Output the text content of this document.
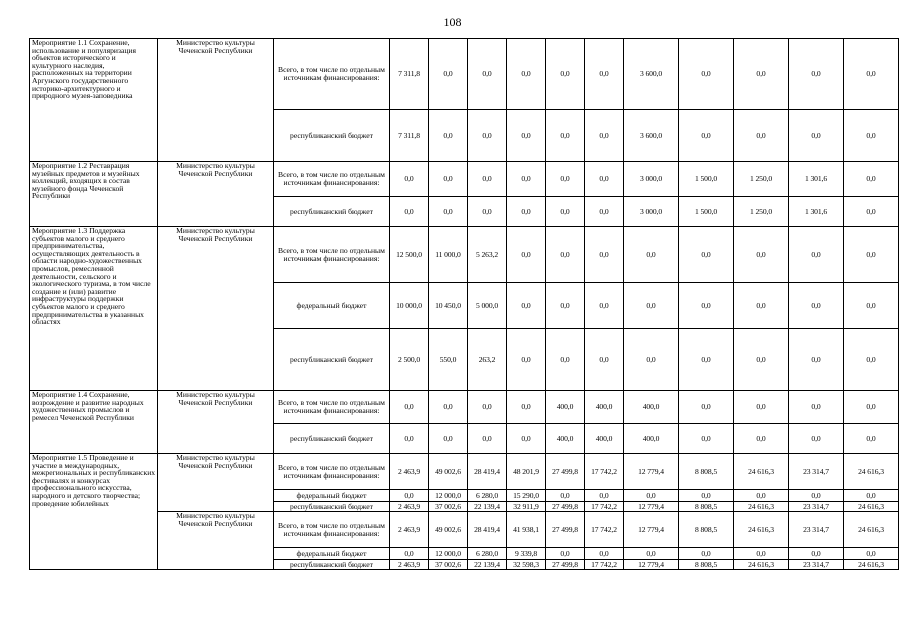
108
Мероприятие 1.1 Сохранение, использование и популяризация объектов исторического и культурного наследия, расположенных на территории Аргунского государственного историко-архитектурного и природного музея-заповедника	Министерство культуры Чеченской Республики	Всего, в том числе по отдельным источникам финансирования:	7 311,8	0,0	0,0	0,0	0,0	0,0	3 600,0	0,0	0,0	0,0	0,0
		республиканский бюджет	7 311,8	0,0	0,0	0,0	0,0	0,0	3 600,0	0,0	0,0	0,0	0,0
Мероприятие 1.2 Реставрация музейных предметов и музейных коллекций, входящих в состав музейного фонда Чеченской Республики	Министерство культуры Чеченской Республики	Всего, в том числе по отдельным источникам финансирования:	0,0	0,0	0,0	0,0	0,0	0,0	3 000,0	1 500,0	1 250,0	1 301,6	0,0
		республиканский бюджет	0,0	0,0	0,0	0,0	0,0	0,0	3 000,0	1 500,0	1 250,0	1 301,6	0,0
Мероприятие 1.3 Поддержка субъектов малого и среднего предпринимательства, осуществляющих деятельность в области народно-художественных промыслов, ремесленной деятельности, сельского и экологического туризма, в том числе создание и (или) развитие инфраструктуры поддержки субъектов малого и среднего предпринимательства в указанных областях	Министерство культуры Чеченской Республики	Всего, в том числе по отдельным источникам финансирования:	12 500,0	11 000,0	5 263,2	0,0	0,0	0,0	0,0	0,0	0,0	0,0	0,0
		федеральный бюджет	10 000,0	10 450,0	5 000,0	0,0	0,0	0,0	0,0	0,0	0,0	0,0	0,0
		республиканский бюджет	2 500,0	550,0	263,2	0,0	0,0	0,0	0,0	0,0	0,0	0,0	0,0
Мероприятие 1.4 Сохранение, возрождение и развитие народных художественных промыслов и ремесел Чеченской Республики	Министерство культуры Чеченской Республики	Всего, в том числе по отдельным источникам финансирования:	0,0	0,0	0,0	0,0	400,0	400,0	400,0	0,0	0,0	0,0	0,0
		республиканский бюджет	0,0	0,0	0,0	0,0	400,0	400,0	400,0	0,0	0,0	0,0	0,0
Мероприятие 1.5 Проведение и участие в международных, межрегиональных и республиканских фестивалях и конкурсах профессионального искусства, народного и детского творчества; проведение юбилейных	Министерство культуры Чеченской Республики	Всего, в том числе по отдельным источникам финансирования:	2 463,9	49 002,6	28 419,4	48 201,9	27 499,8	17 742,2	12 779,4	8 808,5	24 616,3	23 314,7	24 616,3
		федеральный бюджет	0,0	12 000,0	6 280,0	15 290,0	0,0	0,0	0,0	0,0	0,0	0,0	0,0
		республиканский бюджет	2 463,9	37 002,6	22 139,4	32 911,9	27 499,8	17 742,2	12 779,4	8 808,5	24 616,3	23 314,7	24 616,3
	Министерство культуры Чеченской Республики	Всего, в том числе по отдельным источникам финансирования:	2 463,9	49 002,6	28 419,4	41 938,1	27 499,8	17 742,2	12 779,4	8 808,5	24 616,3	23 314,7	24 616,3
		федеральный бюджет	0,0	12 000,0	6 280,0	9 339,8	0,0	0,0	0,0	0,0	0,0	0,0	0,0
		республиканский бюджет	2 463,9	37 002,6	22 139,4	32 598,3	27 499,8	17 742,2	12 779,4	8 808,5	24 616,3	23 314,7	24 616,3
